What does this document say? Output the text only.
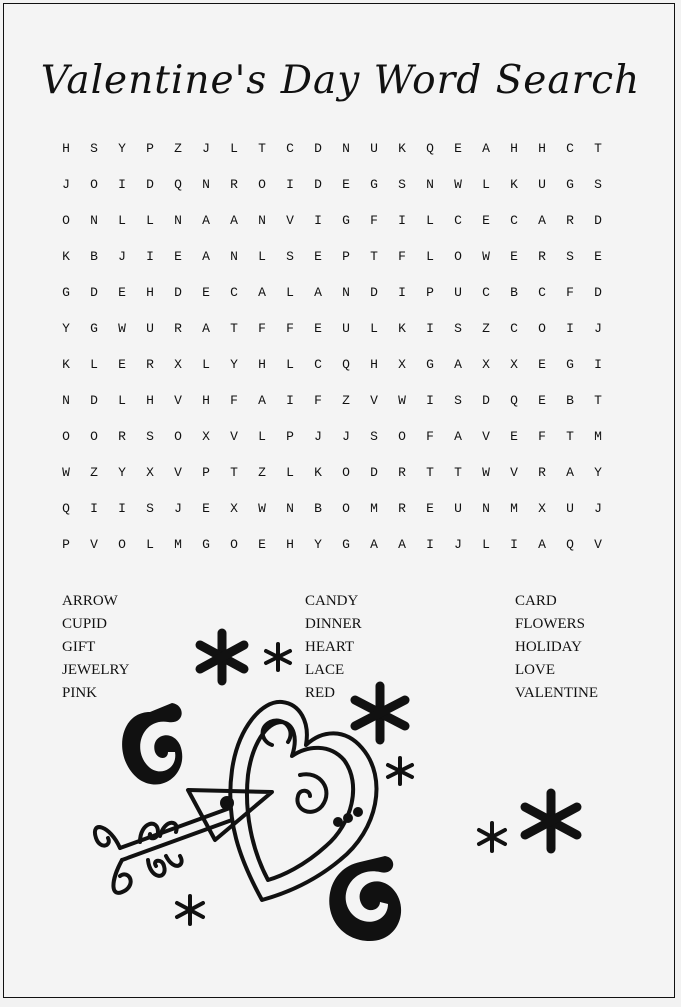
Valentine's Day Word Search
H	S	Y	P	Z	J	L	T	C	D	N	U	K	Q	E	A	H	H	C	T
J	O	I	D	Q	N	R	O	I	D	E	G	S	N	W	L	K	U	G	S
O	N	L	L	N	A	A	N	V	I	G	F	I	L	C	E	C	A	R	D
K	B	J	I	E	A	N	L	S	E	P	T	F	L	O	W	E	R	S	E
G	D	E	H	D	E	C	A	L	A	N	D	I	P	U	C	B	C	F	D
Y	G	W	U	R	A	T	F	F	E	U	L	K	I	S	Z	C	O	I	J
K	L	E	R	X	L	Y	H	L	C	Q	H	X	G	A	X	X	E	G	I
N	D	L	H	V	H	F	A	I	F	Z	V	W	I	S	D	Q	E	B	T
O	O	R	S	O	X	V	L	P	J	J	S	O	F	A	V	E	F	T	M
W	Z	Y	X	V	P	T	Z	L	K	O	D	R	T	T	W	V	R	A	Y
Q	I	I	S	J	E	X	W	N	B	O	M	R	E	U	N	M	X	U	J
P	V	O	L	M	G	O	E	H	Y	G	A	A	I	J	L	I	A	Q	V
ARROW
CUPID
GIFT
JEWELRY
PINK
CANDY
DINNER
HEART
LACE
RED
CARD
FLOWERS
HOLIDAY
LOVE
VALENTINE
